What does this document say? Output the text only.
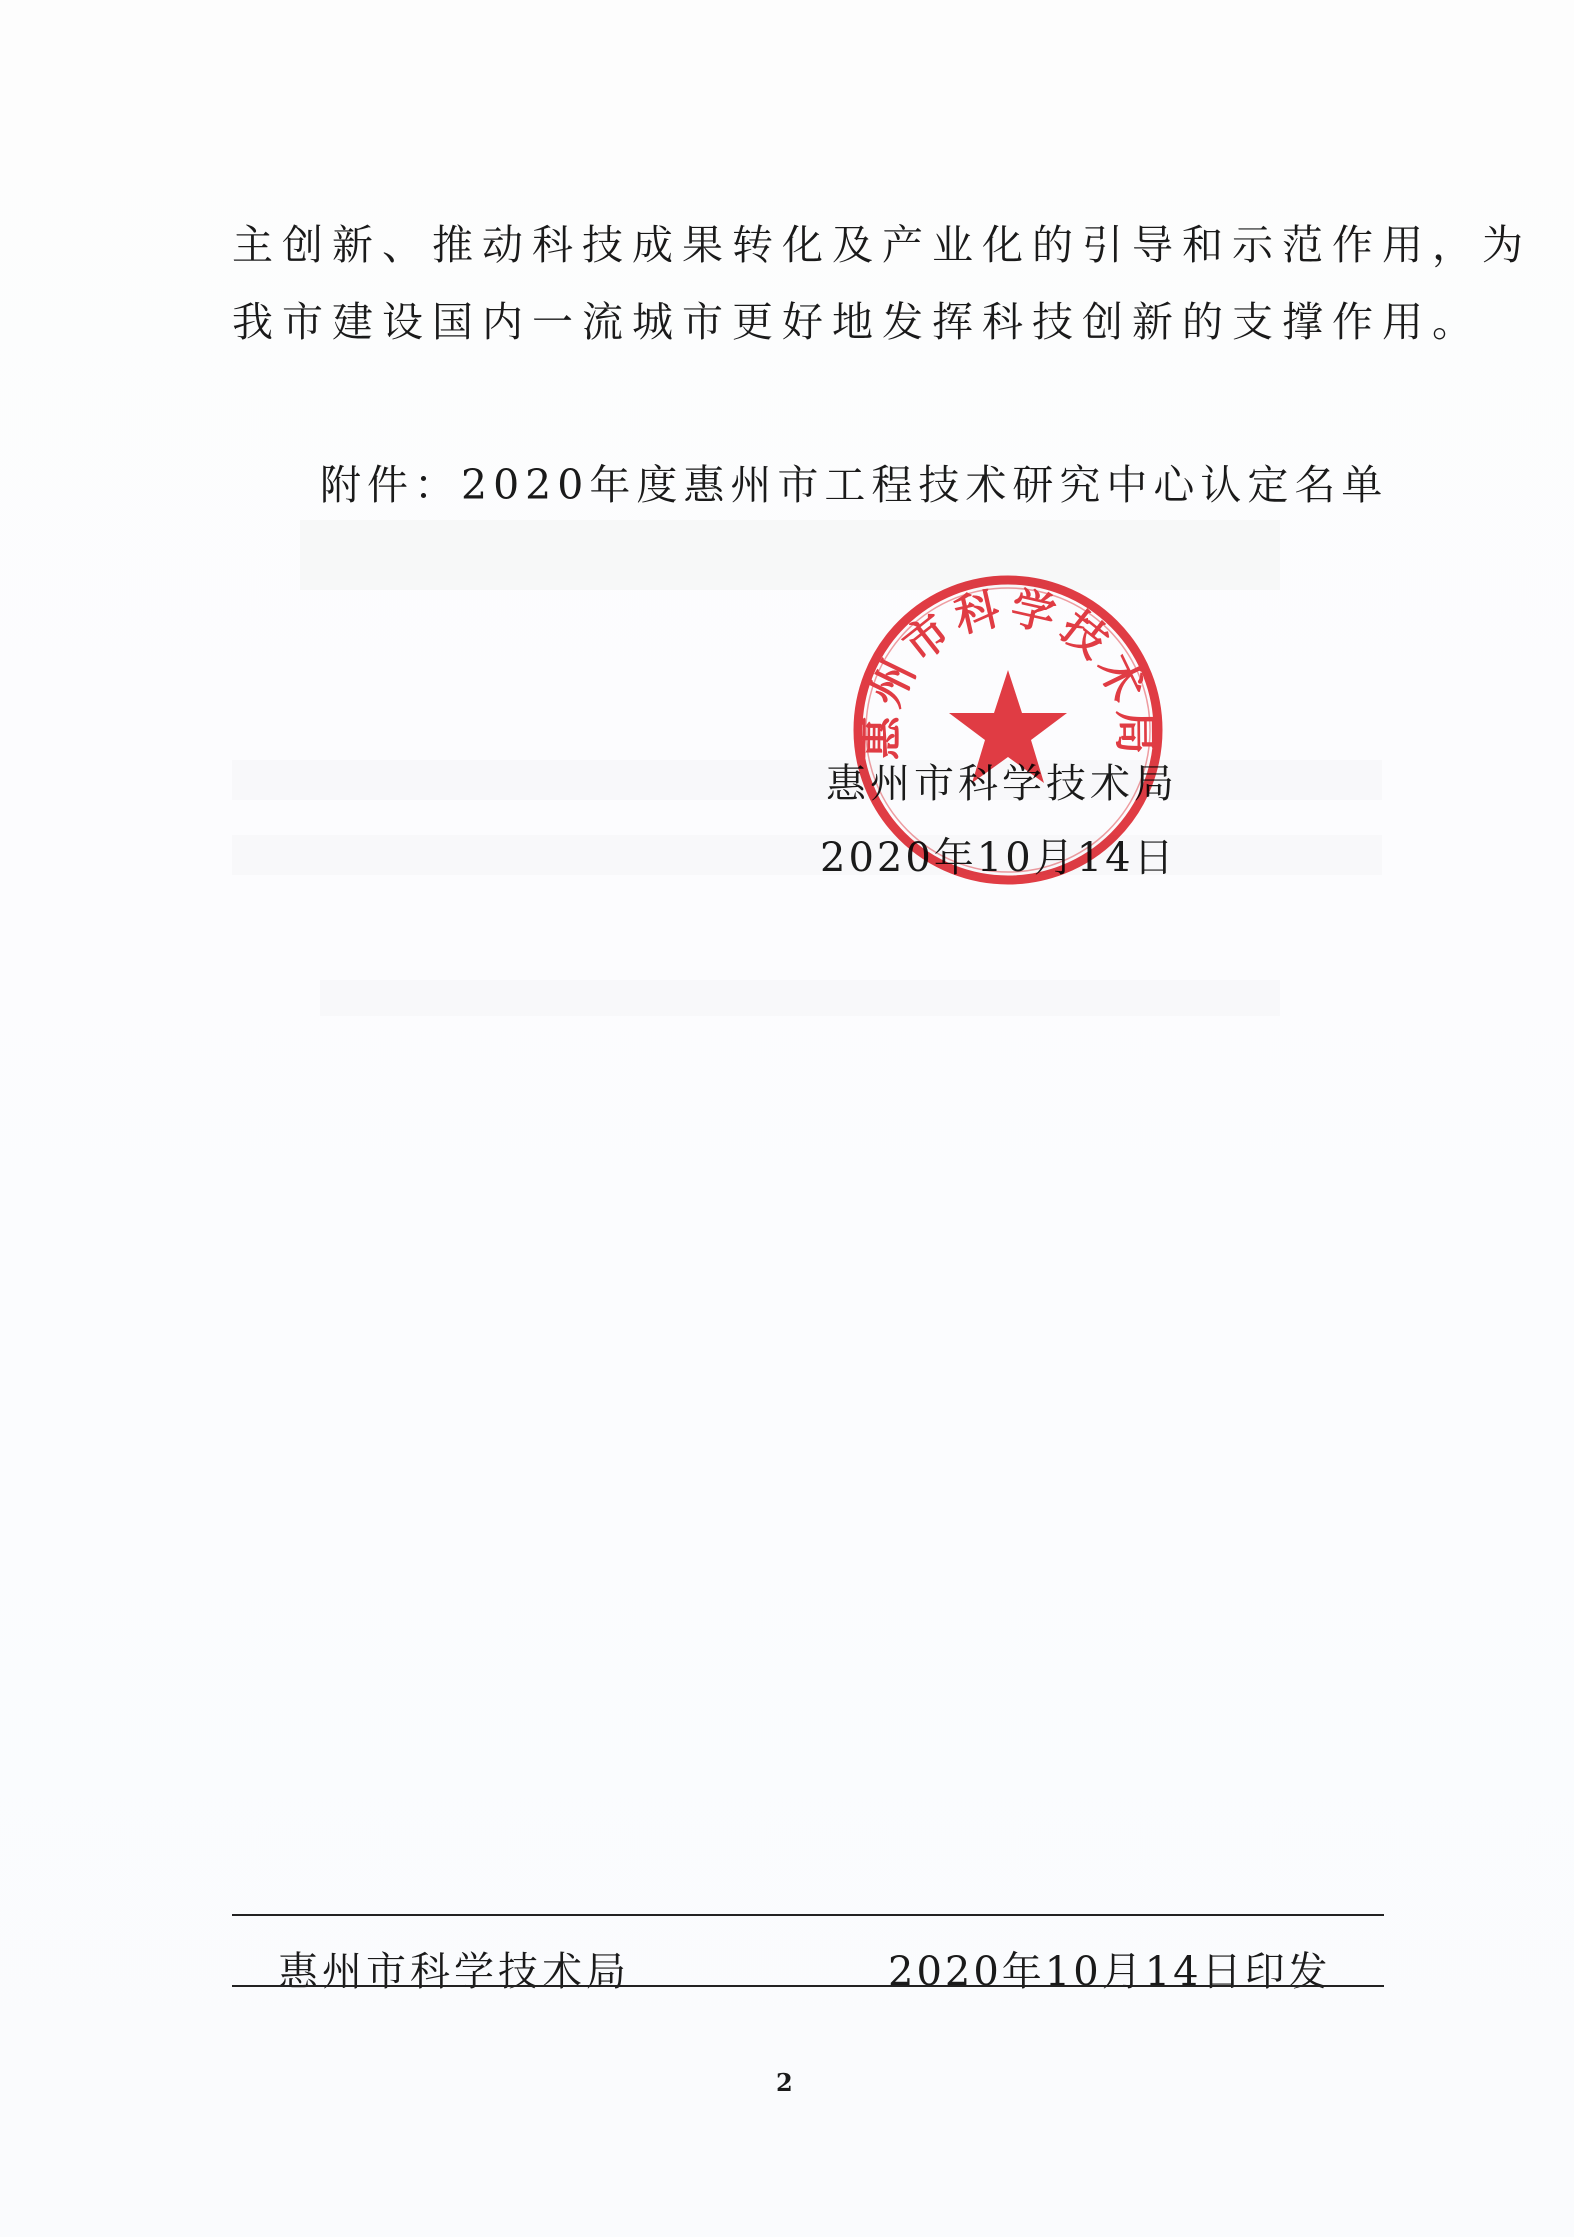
主创新、推动科技成果转化及产业化的引导和示范作用，为
我市建设国内一流城市更好地发挥科技创新的支撑作用。
附件：2020年度惠州市工程技术研究中心认定名单
惠州市科学技术局
2020年10月14日
惠州市科学技术局
惠州市科学技术局	2020年10月14日印发
2
